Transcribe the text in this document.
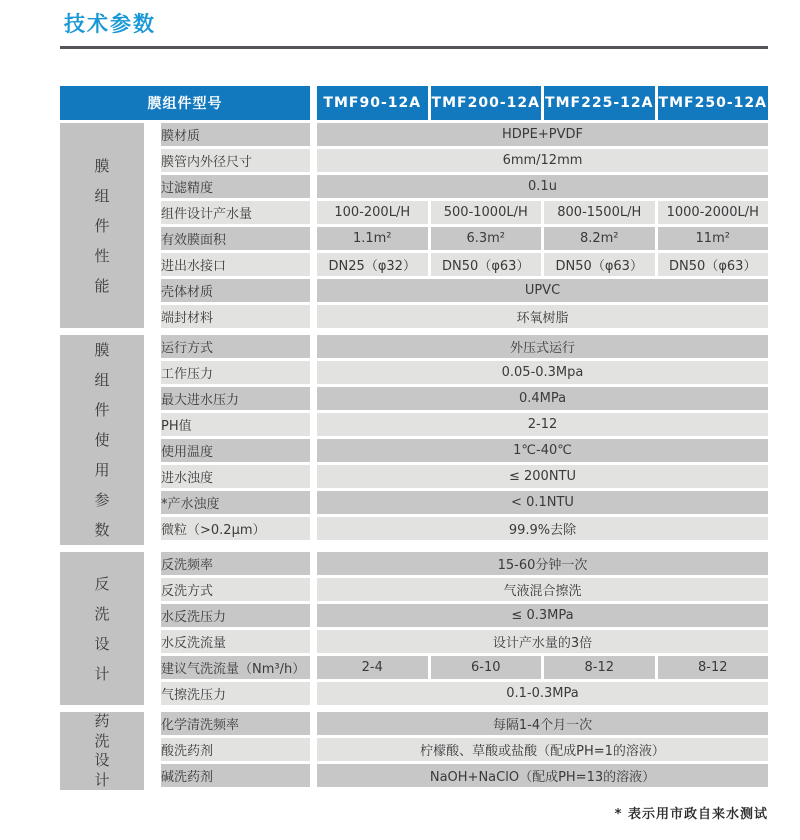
技术参数
膜组件型号	TMF90-12A TMF200-12A TMF225-12A TMF250-12A
膜组件性能
膜材质	HDPE+PVDF
膜管内外径尺寸	6mm/12mm
过滤精度	0.1u
组件设计产水量	100-200L/H	500-1000L/H	800-1500L/H	1000-2000L/H
有效膜面积	1.1m²	6.3m²	8.2m²	11m²
进出水接口	DN25（φ32）	DN50（φ63）	DN50（φ63）	DN50（φ63）
壳体材质	UPVC
端封材料	环氧树脂
膜组件使用参数
运行方式	外压式运行
工作压力	0.05-0.3Mpa
最大进水压力	0.4MPa
PH值	2-12
使用温度	1℃-40℃
进水浊度	≤ 200NTU
*产水浊度	< 0.1NTU
微粒（>0.2μm）	99.9%去除
反洗设计
反洗频率	15-60分钟一次
反洗方式	气液混合擦洗
水反洗压力	≤ 0.3MPa
水反洗流量	设计产水量的3倍
建议气洗流量（Nm³/h）	2-4	6-10	8-12	8-12
气擦洗压力	0.1-0.3MPa
药洗设计
化学清洗频率	每隔1-4个月一次
酸洗药剂	柠檬酸、草酸或盐酸（配成PH=1的溶液）
碱洗药剂	NaOH+NaClO（配成PH=13的溶液）
* 表示用市政自来水测试
